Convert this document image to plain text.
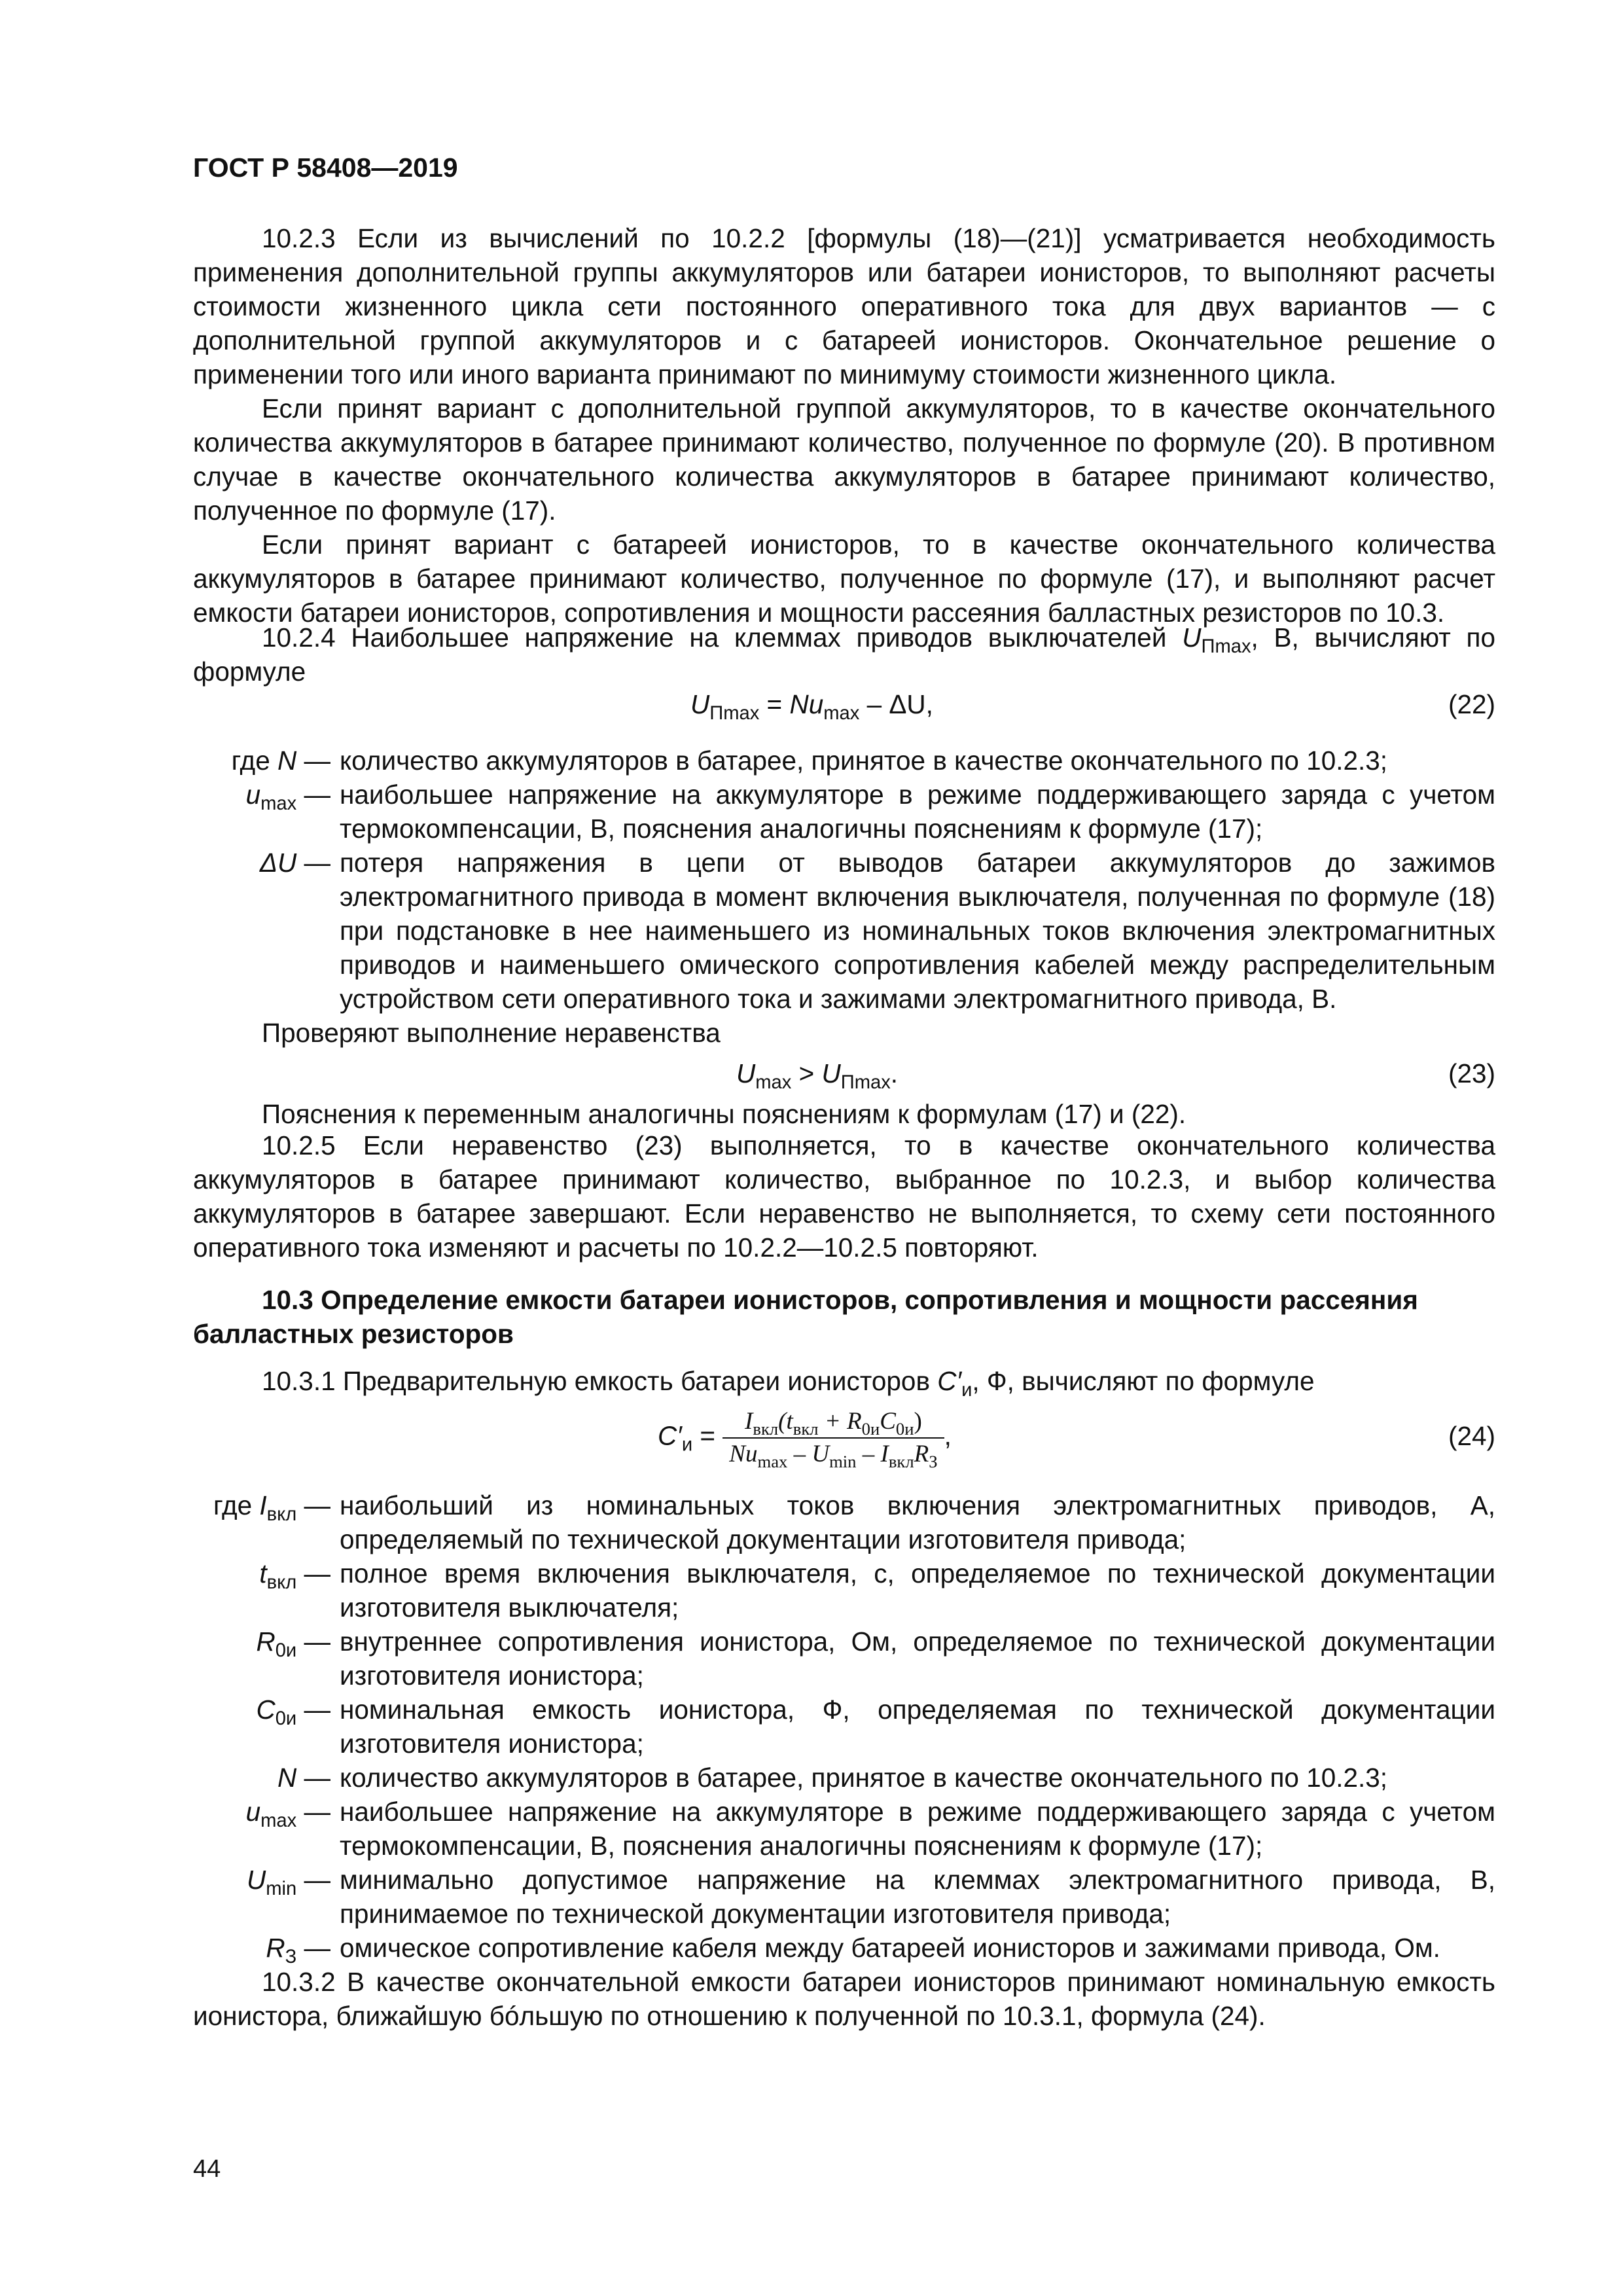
ГОСТ Р 58408—2019

10.2.3 Если из вычислений по 10.2.2 [формулы (18)—(21)] усматривается необходимость применения дополнительной группы аккумуляторов или батареи ионисторов, то выполняют расчеты стоимости жизненного цикла сети постоянного оперативного тока для двух вариантов — с дополнительной группой аккумуляторов и с батареей ионисторов. Окончательное решение о применении того или иного варианта принимают по минимуму стоимости жизненного цикла.

Если принят вариант с дополнительной группой аккумуляторов, то в качестве окончательного количества аккумуляторов в батарее принимают количество, полученное по формуле (20). В противном случае в качестве окончательного количества аккумуляторов в батарее принимают количество, полученное по формуле (17).

Если принят вариант с батареей ионисторов, то в качестве окончательного количества аккумуляторов в батарее принимают количество, полученное по формуле (17), и выполняют расчет емкости батареи ионисторов, сопротивления и мощности рассеяния балластных резисторов по 10.3.

10.2.4 Наибольшее напряжение на клеммах приводов выключателей $U_{Пmax}$, В, вычисляют по формуле

$U_{Пmax} = Nu_{max} - \Delta U$,	(22)
где N — количество аккумуляторов в батарее, принятое в качестве окончательного по 10.2.3;
$u_{max}$ — наибольшее напряжение на аккумуляторе в режиме поддерживающего заряда с учетом термокомпенсации, В, пояснения аналогичны пояснениям к формуле (17);
ΔU — потеря напряжения в цепи от выводов батареи аккумуляторов до зажимов электромагнитного привода в момент включения выключателя, полученная по формуле (18) при подстановке в нее наименьшего из номинальных токов включения электромагнитных приводов и наименьшего омического сопротивления кабелей между распределительным устройством сети оперативного тока и зажимами электромагнитного привода, В.

Проверяют выполнение неравенства

$U_{max} > U_{Пmax}$.	(23)

Пояснения к переменным аналогичны пояснениям к формулам (17) и (22).

10.2.5 Если неравенство (23) выполняется, то в качестве окончательного количества аккумуляторов в батарее принимают количество, выбранное по 10.2.3, и выбор количества аккумуляторов в батарее завершают. Если неравенство не выполняется, то схему сети постоянного оперативного тока изменяют и расчеты по 10.2.2—10.2.5 повторяют.

10.3 Определение емкости батареи ионисторов, сопротивления и мощности рассеяния балластных резисторов

10.3.1 Предварительную емкость батареи ионисторов $C'_и$, Ф, вычисляют по формуле

$C'_и = \frac{I_{вкл}(t_{вкл} + R_{0и}C_{0и})}{Nu_{max} - U_{min} - I_{вкл}R_З}$ ,	(24)
где $I_{вкл}$ — наибольший из номинальных токов включения электромагнитных приводов, А, определяемый по технической документации изготовителя привода;
$t_{вкл}$ — полное время включения выключателя, с, определяемое по технической документации изготовителя выключателя;
$R_{0и}$ — внутреннее сопротивления ионистора, Ом, определяемое по технической документации изготовителя ионистора;
$C_{0и}$ — номинальная емкость ионистора, Ф, определяемая по технической документации изготовителя ионистора;
N — количество аккумуляторов в батарее, принятое в качестве окончательного по 10.2.3;
$u_{max}$ — наибольшее напряжение на аккумуляторе в режиме поддерживающего заряда с учетом термокомпенсации, В, пояснения аналогичны пояснениям к формуле (17);
$U_{min}$ — минимально допустимое напряжение на клеммах электромагнитного привода, В, принимаемое по технической документации изготовителя привода;
$R_З$ — омическое сопротивление кабеля между батареей ионисторов и зажимами привода, Ом.

10.3.2 В качестве окончательной емкости батареи ионисторов принимают номинальную емкость ионистора, ближайшую бóльшую по отношению к полученной по 10.3.1, формула (24).

44
